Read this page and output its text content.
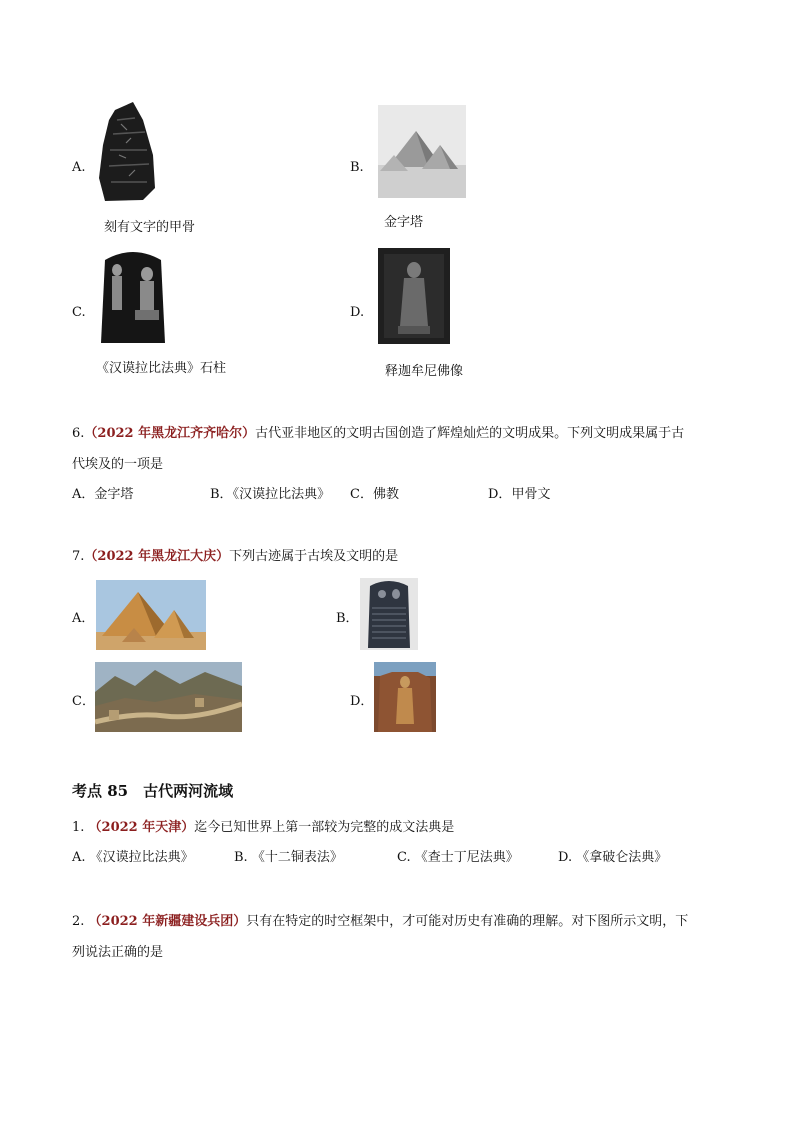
A.
刻有文字的甲骨
B.
金字塔
C.
《汉谟拉比法典》石柱
D.
释迦牟尼佛像
6.（2022 年黑龙江齐齐哈尔）古代亚非地区的文明古国创造了辉煌灿烂的文明成果。下列文明成果属于古
代埃及的一项是
A．金字塔	B．《汉谟拉比法典》 C．佛教	D．甲骨文
7.（2022 年黑龙江大庆）下列古迹属于古埃及文明的是
A．	B．
C．	D．
考点 85　古代两河流域
1. （2022 年天津）迄今已知世界上第一部较为完整的成文法典是
A. 《汉谟拉比法典》	B. 《十二铜表法》	C. 《查士丁尼法典》	D. 《拿破仑法典》
2. （2022 年新疆建设兵团）只有在特定的时空框架中，才可能对历史有准确的理解。对下图所示文明，下
列说法正确的是
